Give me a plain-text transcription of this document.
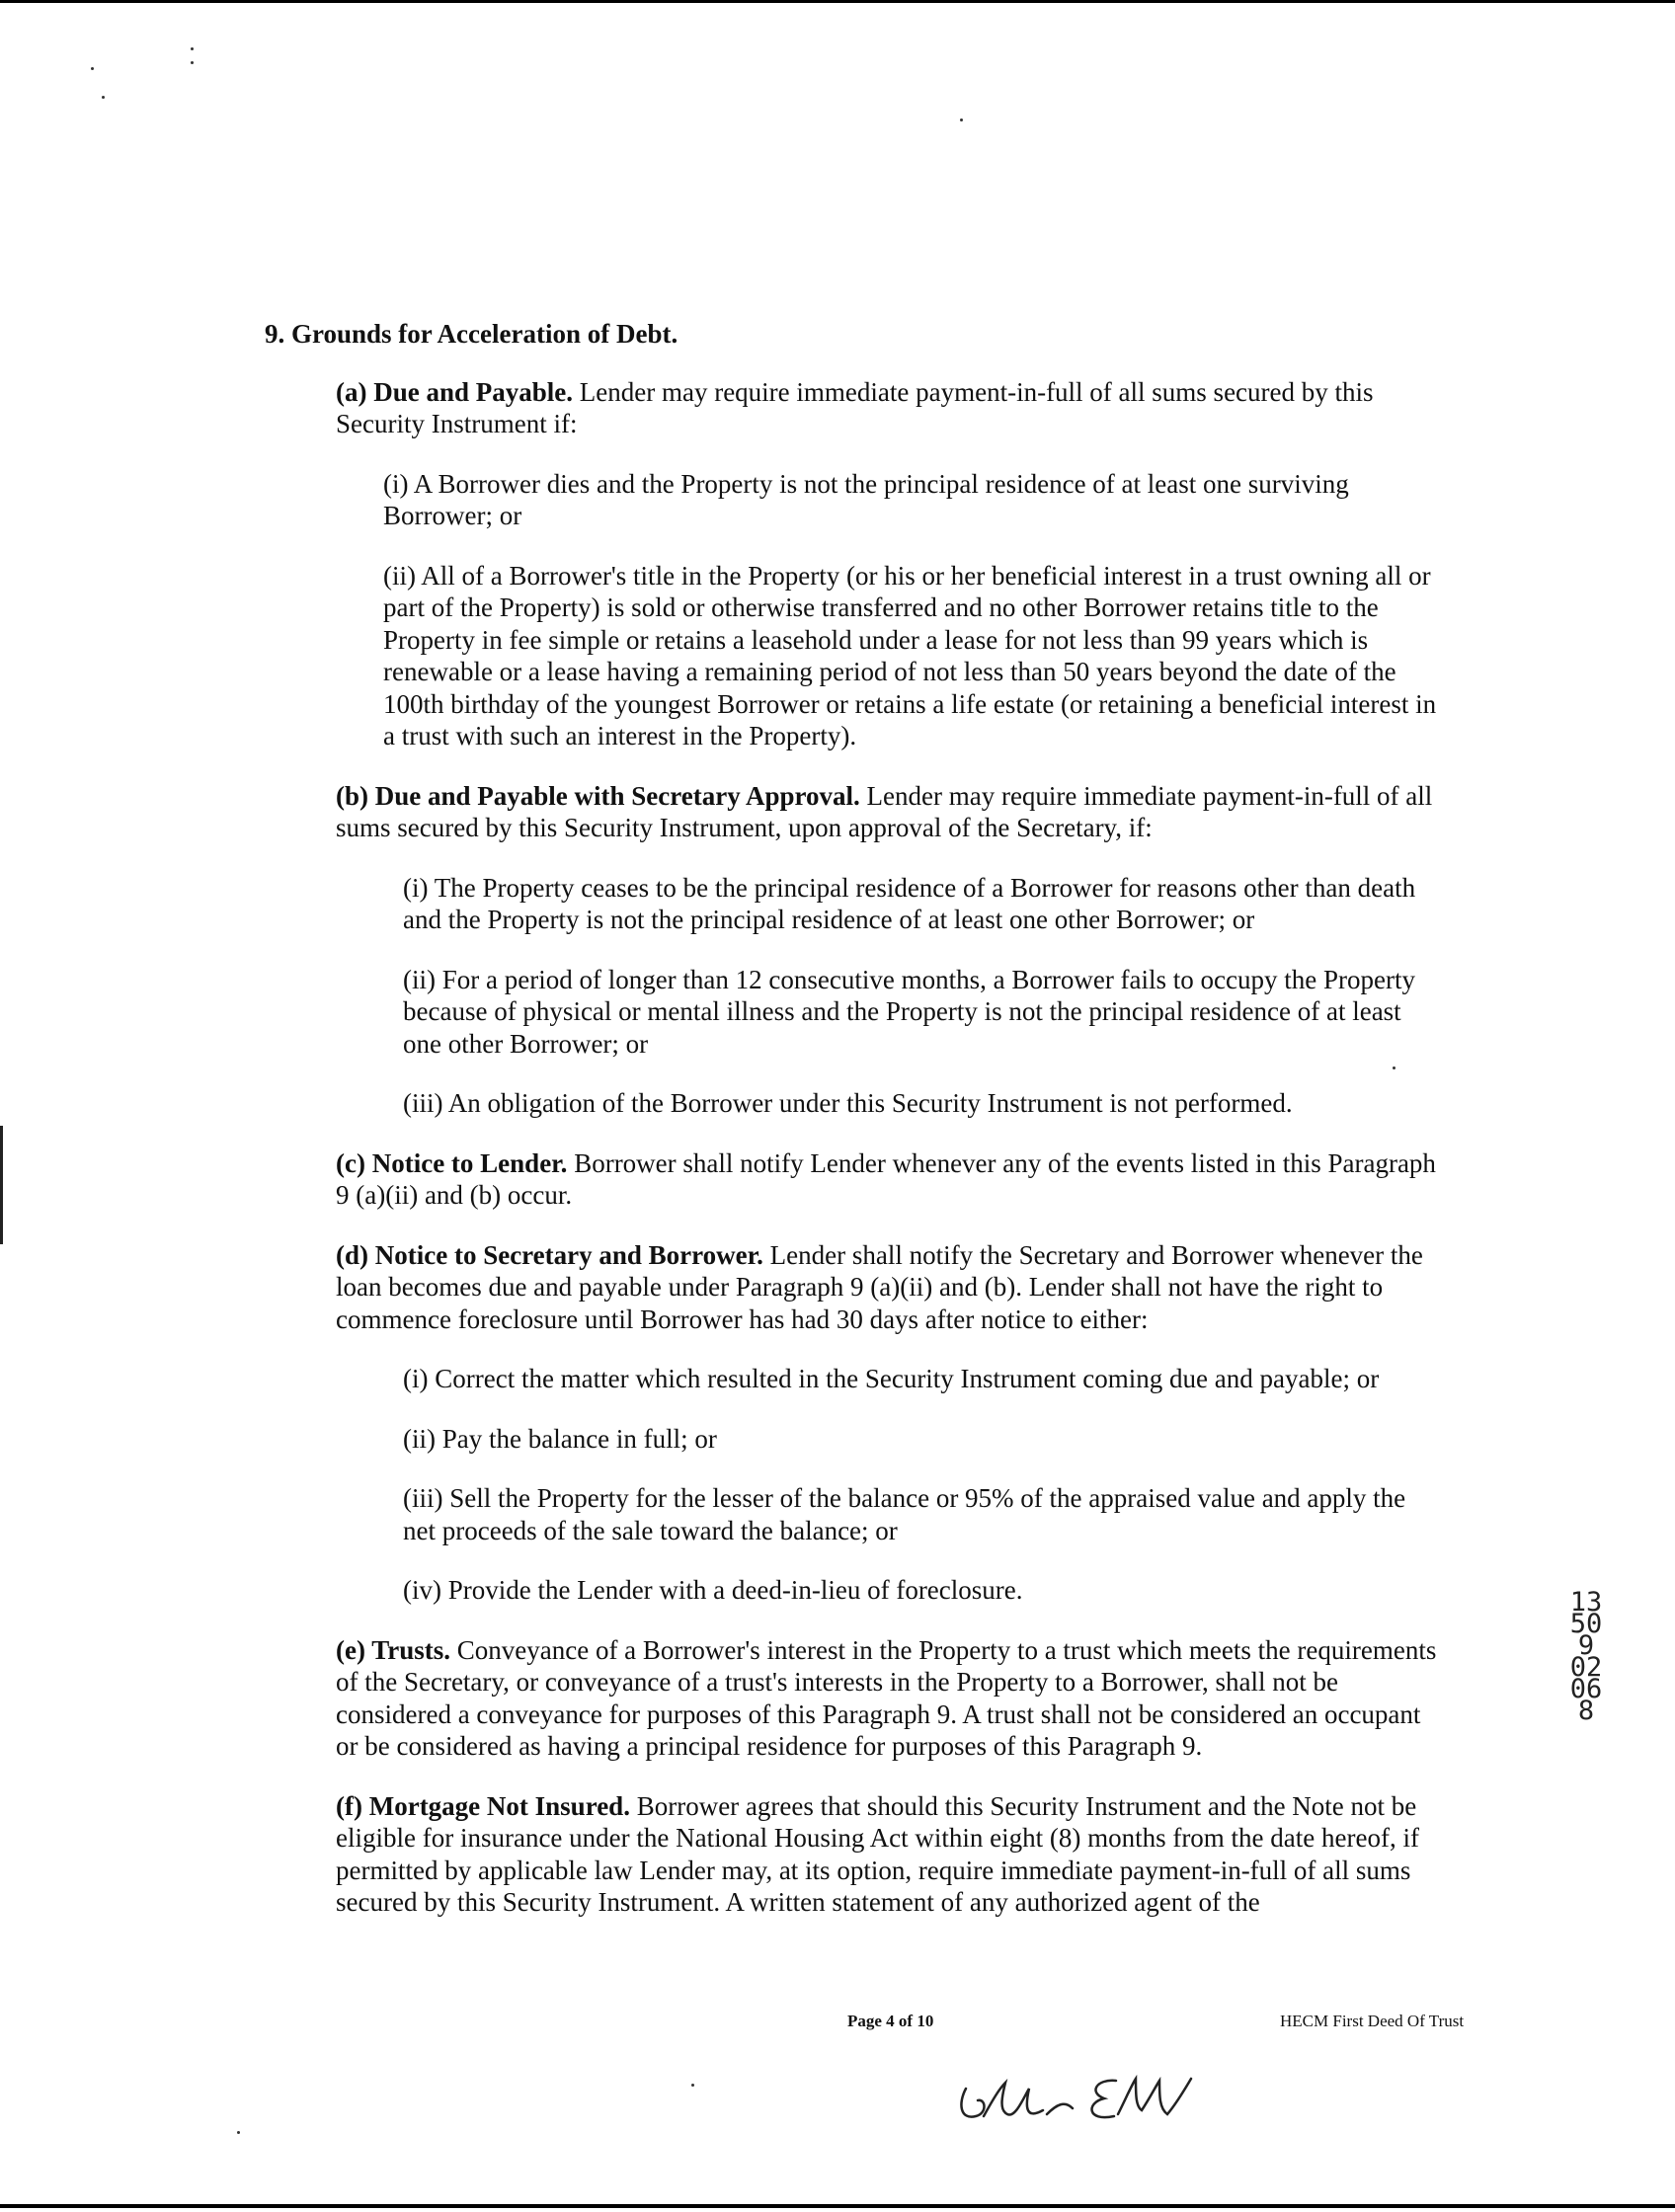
9. Grounds for Acceleration of Debt.

(a) Due and Payable. Lender may require immediate payment-in-full of all sums secured by this Security Instrument if:

(i) A Borrower dies and the Property is not the principal residence of at least one surviving Borrower; or
(ii) All of a Borrower's title in the Property (or his or her beneficial interest in a trust owning all or part of the Property) is sold or otherwise transferred and no other Borrower retains title to the Property in fee simple or retains a leasehold under a lease for not less than 99 years which is renewable or a lease having a remaining period of not less than 50 years beyond the date of the 100th birthday of the youngest Borrower or retains a life estate (or retaining a beneficial interest in a trust with such an interest in the Property).

(b) Due and Payable with Secretary Approval. Lender may require immediate payment-in-full of all sums secured by this Security Instrument, upon approval of the Secretary, if:

(i) The Property ceases to be the principal residence of a Borrower for reasons other than death and the Property is not the principal residence of at least one other Borrower; or
(ii) For a period of longer than 12 consecutive months, a Borrower fails to occupy the Property because of physical or mental illness and the Property is not the principal residence of at least one other Borrower; or
(iii) An obligation of the Borrower under this Security Instrument is not performed.

(c) Notice to Lender. Borrower shall notify Lender whenever any of the events listed in this Paragraph 9 (a)(ii) and (b) occur.

(d) Notice to Secretary and Borrower. Lender shall notify the Secretary and Borrower whenever the loan becomes due and payable under Paragraph 9 (a)(ii) and (b). Lender shall not have the right to commence foreclosure until Borrower has had 30 days after notice to either:

(i) Correct the matter which resulted in the Security Instrument coming due and payable; or
(ii) Pay the balance in full; or
(iii) Sell the Property for the lesser of the balance or 95% of the appraised value and apply the net proceeds of the sale toward the balance; or
(iv) Provide the Lender with a deed-in-lieu of foreclosure.

(e) Trusts. Conveyance of a Borrower's interest in the Property to a trust which meets the requirements of the Secretary, or conveyance of a trust's interests in the Property to a Borrower, shall not be considered a conveyance for purposes of this Paragraph 9. A trust shall not be considered an occupant or be considered as having a principal residence for purposes of this Paragraph 9.

(f) Mortgage Not Insured. Borrower agrees that should this Security Instrument and the Note not be eligible for insurance under the National Housing Act within eight (8) months from the date hereof, if permitted by applicable law Lender may, at its option, require immediate payment-in-full of all sums secured by this Security Instrument. A written statement of any authorized agent of the

13509 02068
Page 4 of 10	HECM First Deed Of Trust
